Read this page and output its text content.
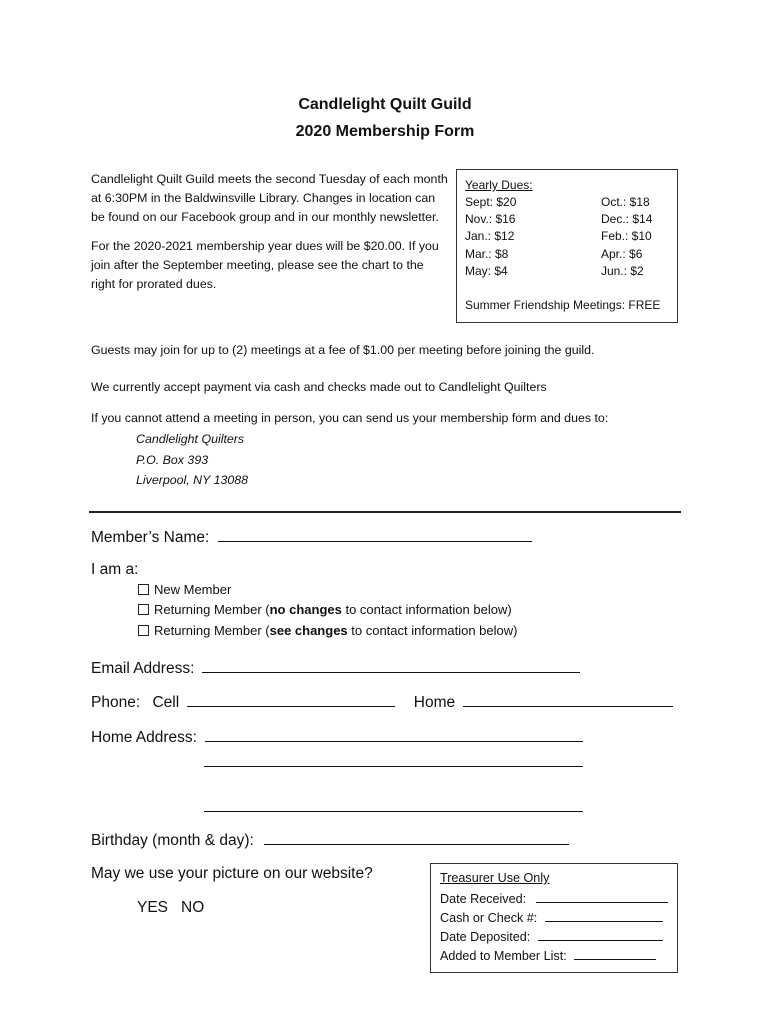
Candlelight Quilt Guild
2020 Membership Form

Candlelight Quilt Guild meets the second Tuesday of each month at 6:30PM in the Baldwinsville Library. Changes in location can be found on our Facebook group and in our monthly newsletter.

For the 2020-2021 membership year dues will be $20.00. If you join after the September meeting, please see the chart to the right for prorated dues.

Yearly Dues:
Sept: $20
Nov.: $16
Jan.: $12
Mar.: $8
May: $4
Oct.: $18
Dec.: $14
Feb.: $10
Apr.: $6
Jun.: $2
Summer Friendship Meetings: FREE
Guests may join for up to (2) meetings at a fee of $1.00 per meeting before joining the guild.
We currently accept payment via cash and checks made out to Candlelight Quilters
If you cannot attend a meeting in person, you can send us your membership form and dues to:
Candlelight Quilters
P.O. Box 393
Liverpool, NY 13088
Member’s Name:
I am a:
New Member
Returning Member (no changes to contact information below)
Returning Member (see changes to contact information below)
Email Address:
Phone: Cell	Home
Home Address:
Birthday (month & day):
May we use your picture on our website?
YES NO
Treasurer Use Only
Date Received:
Cash or Check #:
Date Deposited:
Added to Member List:
